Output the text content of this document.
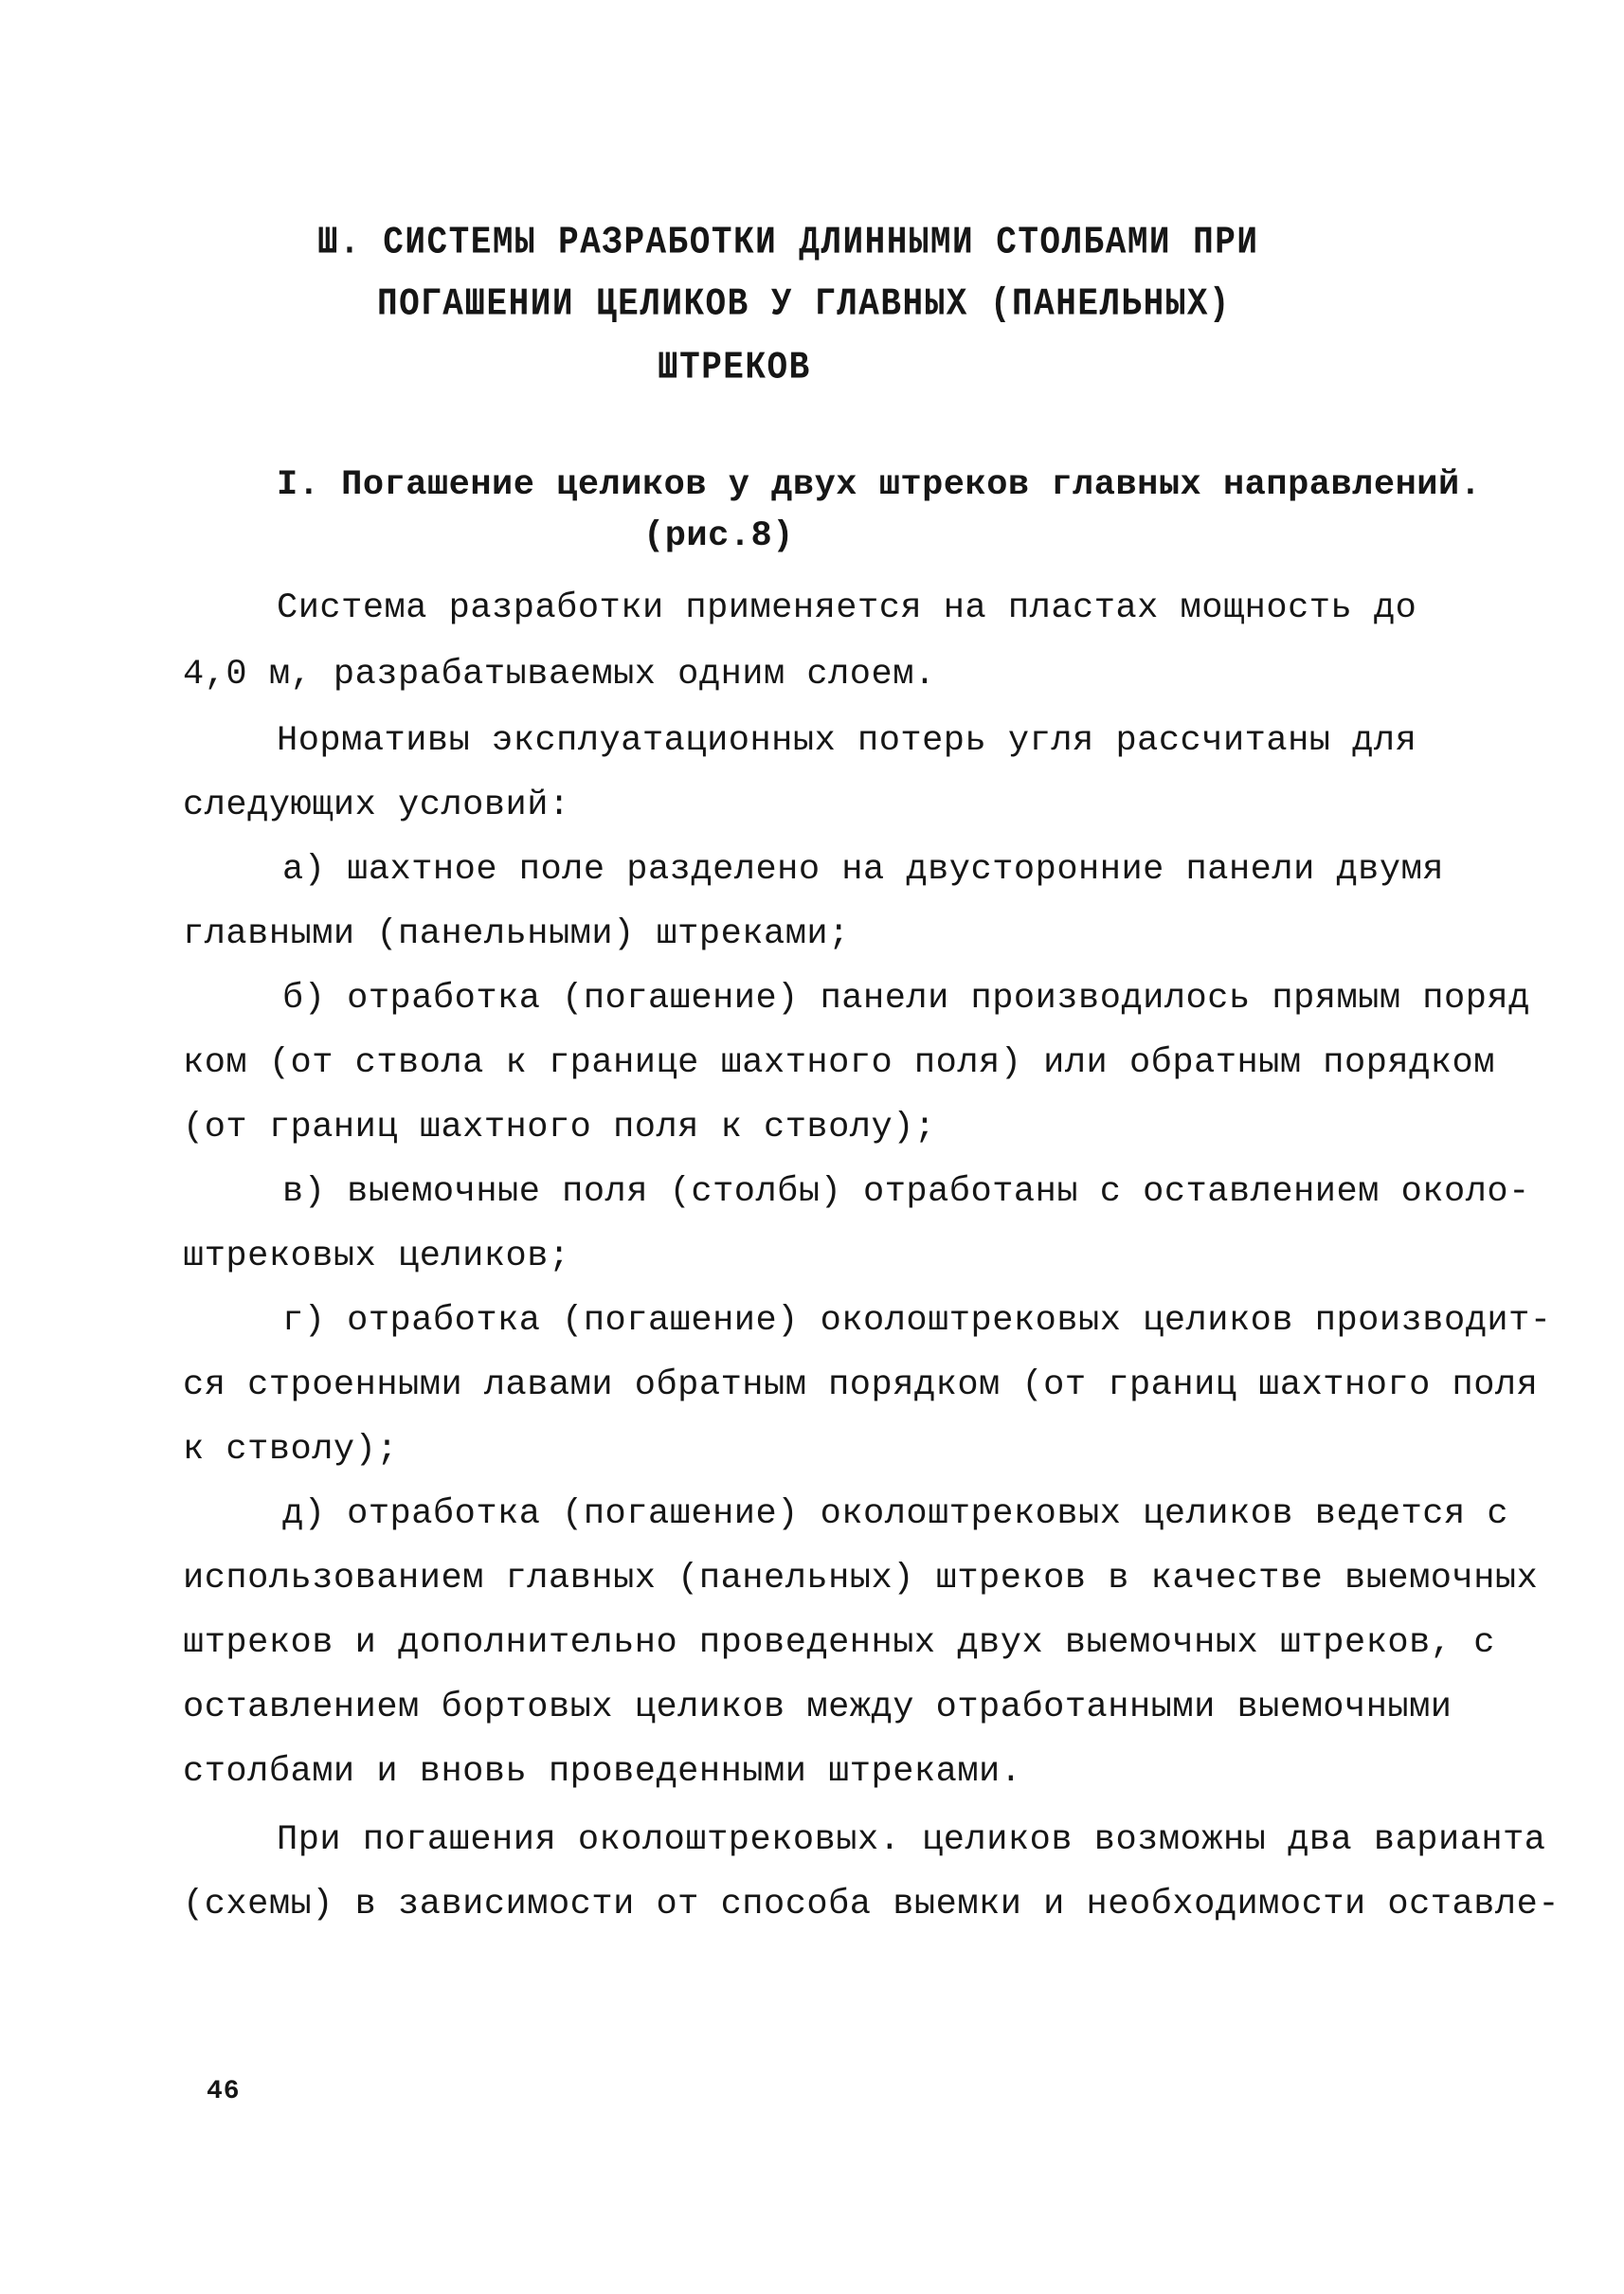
Ш. СИСТЕМЫ РАЗРАБОТКИ ДЛИННЫМИ СТОЛБАМИ ПРИ
ПОГАШЕНИИ ЦЕЛИКОВ У ГЛАВНЫХ (ПАНЕЛЬНЫХ)
ШТРЕКОВ
I. Погашение целиков у двух штреков главных направлений.
(рис.8)
Система разработки применяется на пластах мощность до
4,0 м, разрабатываемых одним слоем.
Нормативы эксплуатационных потерь угля рассчитаны для
следующих условий:
а) шахтное поле разделено на двусторонние панели двумя
главными (панельными) штреками;
б) отработка (погашение) панели производилось прямым поряд
ком (от ствола к границе шахтного поля) или обратным порядком
(от границ шахтного поля к стволу);
в) выемочные поля (столбы) отработаны с оставлением около-
штрековых целиков;
г) отработка (погашение) околоштрековых целиков производит-
ся строенными лавами обратным порядком (от границ шахтного поля
к стволу);
д) отработка (погашение) околоштрековых целиков ведется с
использованием главных (панельных) штреков в качестве выемочных
штреков и дополнительно проведенных двух выемочных штреков, с
оставлением бортовых целиков между отработанными выемочными
столбами и вновь проведенными штреками.
При погашения околоштрековых. целиков возможны два варианта
(схемы) в зависимости от способа выемки и необходимости оставле-
46
